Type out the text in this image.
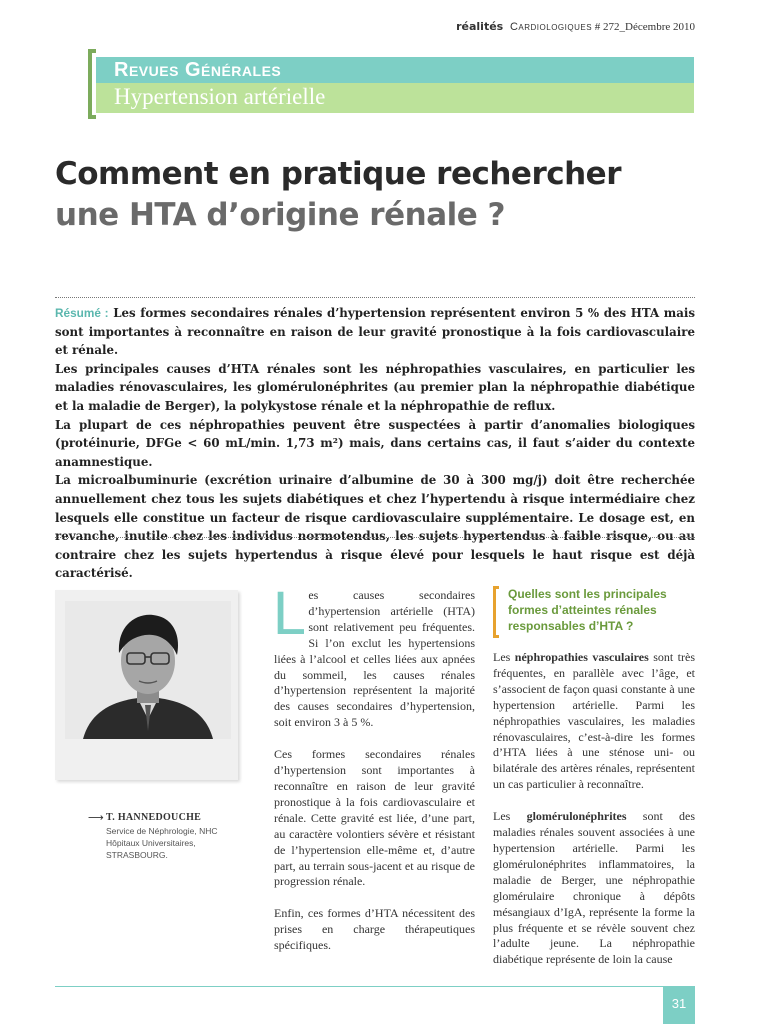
réalités Cardiologiques # 272_Décembre 2010
Revues Générales
Hypertension artérielle
Comment en pratique rechercher
une HTA d’origine rénale ?

Résumé : Les formes secondaires rénales d’hypertension représentent environ 5 % des HTA mais sont importantes à reconnaître en raison de leur gravité pronostique à la fois cardiovasculaire et rénale.

Les principales causes d’HTA rénales sont les néphropathies vasculaires, en particulier les maladies rénovasculaires, les glomérulonéphrites (au premier plan la néphropathie diabétique et la maladie de Berger), la polykystose rénale et la néphropathie de reflux.

La plupart de ces néphropathies peuvent être suspectées à partir d’anomalies biologiques (protéinurie, DFGe < 60 mL/min. 1,73 m²) mais, dans certains cas, il faut s’aider du contexte anamnestique.

La microalbuminurie (excrétion urinaire d’albumine de 30 à 300 mg/j) doit être recherchée annuellement chez tous les sujets diabétiques et chez l’hypertendu à risque intermédiaire chez lesquels elle constitue un facteur de risque cardiovasculaire supplémentaire. Le dosage est, en revanche, inutile chez les individus normotendus, les sujets hypertendus à faible risque, ou au contraire chez les sujets hypertendus à risque élevé pour lesquels le haut risque est déjà caractérisé.

⟶ T. HANNEDOUCHE
Service de Néphrologie, NHC
Hôpitaux Universitaires,
STRASBOURG.

Les causes secondaires d’hypertension artérielle (HTA) sont relativement peu fréquentes. Si l’on exclut les hypertensions liées à l’alcool et celles liées aux apnées du sommeil, les causes rénales d’hypertension représentent la majorité des causes secondaires d’hypertension, soit environ 3 à 5 %.

Ces formes secondaires rénales d’hypertension sont importantes à reconnaître en raison de leur gravité pronostique à la fois cardiovasculaire et rénale. Cette gravité est liée, d’une part, au caractère volontiers sévère et résistant de l’hypertension elle-même et, d’autre part, au terrain sous-jacent et au risque de progression rénale.

Enfin, ces formes d’HTA nécessitent des prises en charge thérapeutiques spécifiques.

Quelles sont les principales
formes d’atteintes rénales
responsables d’HTA ?

Les néphropathies vasculaires sont très fréquentes, en parallèle avec l’âge, et s’associent de façon quasi constante à une hypertension artérielle. Parmi les néphropathies vasculaires, les maladies rénovasculaires, c’est-à-dire les formes d’HTA liées à une sténose uni- ou bilatérale des artères rénales, représentent un cas particulier à reconnaître.

Les glomérulonéphrites sont des maladies rénales souvent associées à une hypertension artérielle. Parmi les glomérulonéphrites inflammatoires, la maladie de Berger, une néphropathie glomérulaire chronique à dépôts mésangiaux d’IgA, représente la forme la plus fréquente et se révèle souvent chez l’adulte jeune. La néphropathie diabétique représente de loin la cause

31
